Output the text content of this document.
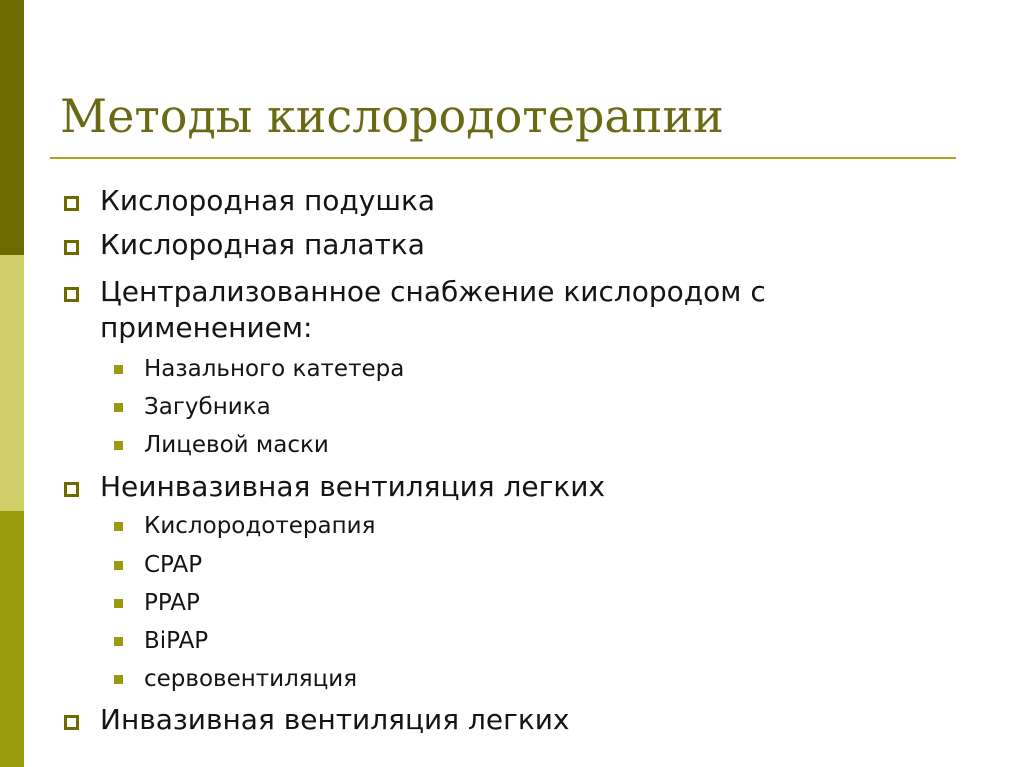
Методы кислородотерапии

Кислородная подушка

Кислородная палатка

Централизованное снабжение кислородом с

применением:

Назального катетера

Загубника

Лицевой маски

Неинвазивная вентиляция легких

Кислородотерапия

CPAP

PPAP

BiPAP

сервовентиляция

Инвазивная вентиляция легких
